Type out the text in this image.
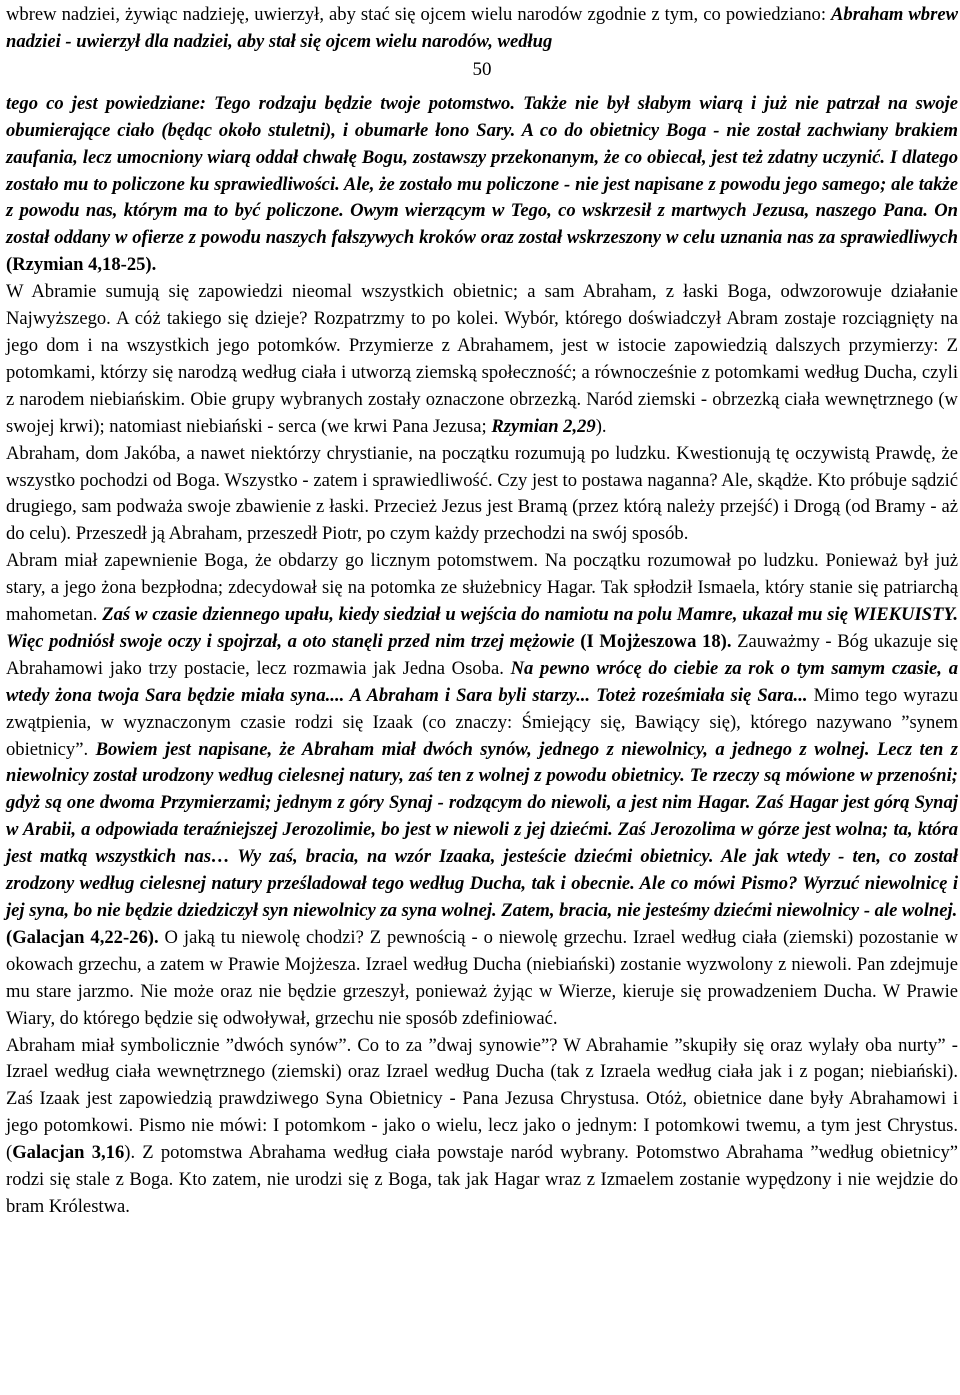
wbrew nadziei, żywiąc nadzieję, uwierzył, aby stać się ojcem wielu narodów zgodnie z tym, co powiedziano: Abraham wbrew nadziei - uwierzył dla nadziei, aby stał się ojcem wielu narodów, według

50

tego co jest powiedziane: Tego rodzaju będzie twoje potomstwo. Także nie był słabym wiarą i już nie patrzał na swoje obumierające ciało (będąc około stuletni), i obumarłe łono Sary. A co do obietnicy Boga - nie został zachwiany brakiem zaufania, lecz umocniony wiarą oddał chwałę Bogu, zostawszy przekonanym, że co obiecał, jest też zdatny uczynić. I dlatego zostało mu to policzone ku sprawiedliwości. Ale, że zostało mu policzone - nie jest napisane z powodu jego samego; ale także z powodu nas, którym ma to być policzone. Owym wierzącym w Tego, co wskrzesił z martwych Jezusa, naszego Pana. On został oddany w ofierze z powodu naszych fałszywych kroków oraz został wskrzeszony w celu uznania nas za sprawiedliwych (Rzymian 4,18-25).

W Abramie sumują się zapowiedzi nieomal wszystkich obietnic; a sam Abraham, z łaski Boga, odwzorowuje działanie Najwyższego. A cóż takiego się dzieje? Rozpatrzmy to po kolei. Wybór, którego doświadczył Abram zostaje rozciągnięty na jego dom i na wszystkich jego potomków. Przymierze z Abrahamem, jest w istocie zapowiedzią dalszych przymierzy: Z potomkami, którzy się narodzą według ciała i utworzą ziemską społeczność; a równocześnie z potomkami według Ducha, czyli z narodem niebiańskim. Obie grupy wybranych zostały oznaczone obrzezką. Naród ziemski - obrzezką ciała wewnętrznego (w swojej krwi); natomiast niebiański - serca (we krwi Pana Jezusa; Rzymian 2,29).

Abraham, dom Jakóba, a nawet niektórzy chrystianie, na początku rozumują po ludzku. Kwestionują tę oczywistą Prawdę, że wszystko pochodzi od Boga. Wszystko - zatem i sprawiedliwość. Czy jest to postawa naganna? Ale, skądże. Kto próbuje sądzić drugiego, sam podważa swoje zbawienie z łaski. Przecież Jezus jest Bramą (przez którą należy przejść) i Drogą (od Bramy - aż do celu). Przeszedł ją Abraham, przeszedł Piotr, po czym każdy przechodzi na swój sposób.

Abram miał zapewnienie Boga, że obdarzy go licznym potomstwem. Na początku rozumował po ludzku. Ponieważ był już stary, a jego żona bezpłodna; zdecydował się na potomka ze służebnicy Hagar. Tak spłodził Ismaela, który stanie się patriarchą mahometan. Zaś w czasie dziennego upału, kiedy siedział u wejścia do namiotu na polu Mamre, ukazał mu się WIEKUISTY. Więc podniósł swoje oczy i spojrzał, a oto stanęli przed nim trzej mężowie (I Mojżeszowa 18). Zauważmy - Bóg ukazuje się Abrahamowi jako trzy postacie, lecz rozmawia jak Jedna Osoba. Na pewno wrócę do ciebie za rok o tym samym czasie, a wtedy żona twoja Sara będzie miała syna.... A Abraham i Sara byli starzy... Toteż roześmiała się Sara... Mimo tego wyrazu zwątpienia, w wyznaczonym czasie rodzi się Izaak (co znaczy: Śmiejący się, Bawiący się), którego nazywano ”synem obietnicy”. Bowiem jest napisane, że Abraham miał dwóch synów, jednego z niewolnicy, a jednego z wolnej. Lecz ten z niewolnicy został urodzony według cielesnej natury, zaś ten z wolnej z powodu obietnicy. Te rzeczy są mówione w przenośni; gdyż są one dwoma Przymierzami; jednym z góry Synaj - rodzącym do niewoli, a jest nim Hagar. Zaś Hagar jest górą Synaj w Arabii, a odpowiada teraźniejszej Jerozolimie, bo jest w niewoli z jej dziećmi. Zaś Jerozolima w górze jest wolna; ta, która jest matką wszystkich nas… Wy zaś, bracia, na wzór Izaaka, jesteście dziećmi obietnicy. Ale jak wtedy - ten, co został zrodzony według cielesnej natury prześladował tego według Ducha, tak i obecnie. Ale co mówi Pismo? Wyrzuć niewolnicę i jej syna, bo nie będzie dziedziczył syn niewolnicy za syna wolnej. Zatem, bracia, nie jesteśmy dziećmi niewolnicy - ale wolnej.

(Galacjan 4,22-26). O jaką tu niewolę chodzi? Z pewnością - o niewolę grzechu. Izrael według ciała (ziemski) pozostanie w okowach grzechu, a zatem w Prawie Mojżesza. Izrael według Ducha (niebiański) zostanie wyzwolony z niewoli. Pan zdejmuje mu stare jarzmo. Nie może oraz nie będzie grzeszył, ponieważ żyjąc w Wierze, kieruje się prowadzeniem Ducha. W Prawie Wiary, do którego będzie się odwoływał, grzechu nie sposób zdefiniować.

Abraham miał symbolicznie ”dwóch synów”. Co to za ”dwaj synowie”? W Abrahamie ”skupiły się oraz wylały oba nurty” - Izrael według ciała wewnętrznego (ziemski) oraz Izrael według Ducha (tak z Izraela według ciała jak i z pogan; niebiański). Zaś Izaak jest zapowiedzią prawdziwego Syna Obietnicy - Pana Jezusa Chrystusa. Otóż, obietnice dane były Abrahamowi i jego potomkowi. Pismo nie mówi: I potomkom - jako o wielu, lecz jako o jednym: I potomkowi twemu, a tym jest Chrystus. (Galacjan 3,16). Z potomstwa Abrahama według ciała powstaje naród wybrany. Potomstwo Abrahama ”według obietnicy” rodzi się stale z Boga. Kto zatem, nie urodzi się z Boga, tak jak Hagar wraz z Izmaelem zostanie wypędzony i nie wejdzie do bram Królestwa.
